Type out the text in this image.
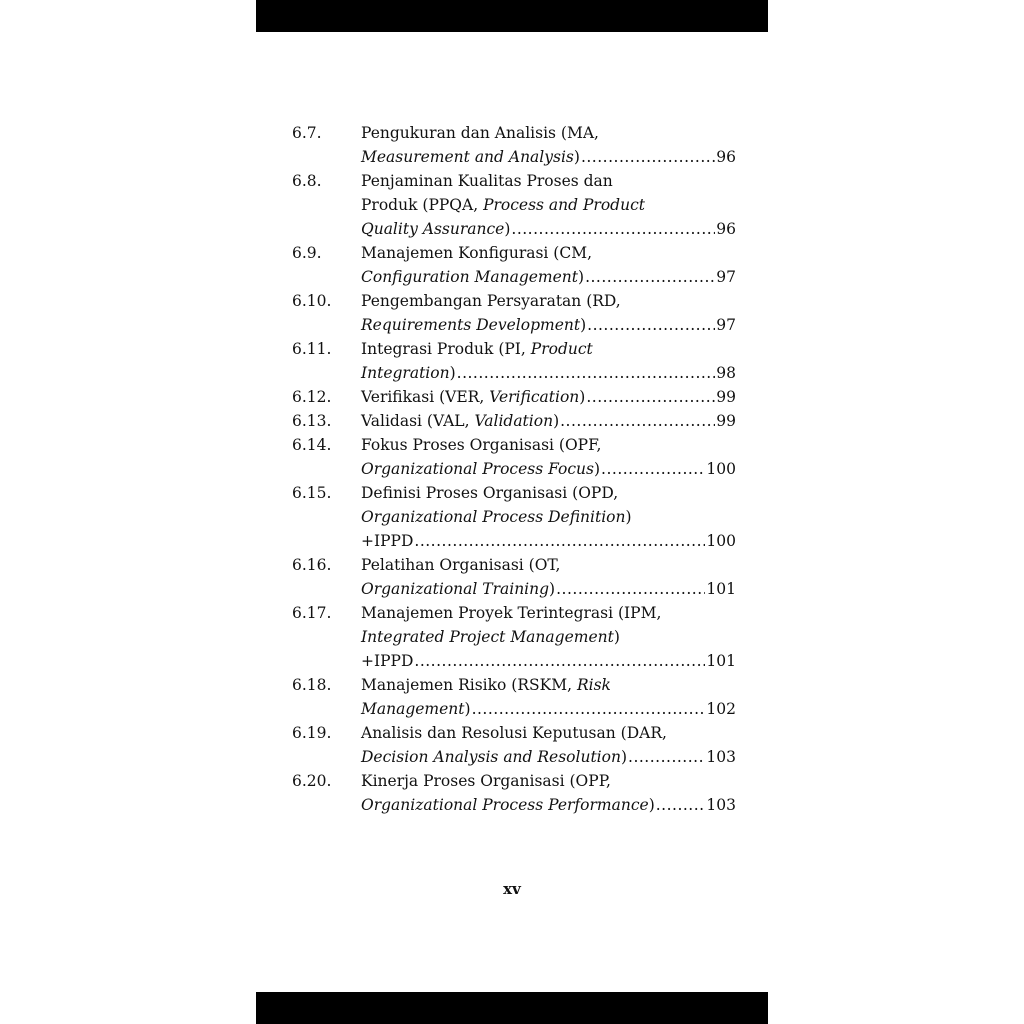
6.7.	Pengukuran dan Analisis (MA,
Measurement and Analysis) .....	96
6.8.	Penjaminan Kualitas Proses dan
Produk (PPQA, Process and Product
Quality Assurance) .....	96
6.9.	Manajemen Konfigurasi (CM,
Configuration Management) .....	97
6.10.	Pengembangan Persyaratan (RD,
Requirements Development) .....	97
6.11.	Integrasi Produk (PI, Product
Integration) .....	98
6.12.	Verifikasi (VER, Verification) .....	99
6.13.	Validasi (VAL, Validation) .....	99
6.14.	Fokus Proses Organisasi (OPF,
Organizational Process Focus) .....	100
6.15.	Definisi Proses Organisasi (OPD,
Organizational Process Definition)
+IPPD .....	100
6.16.	Pelatihan Organisasi (OT,
Organizational Training) .....	101
6.17.	Manajemen Proyek Terintegrasi (IPM,
Integrated Project Management)
+IPPD .....	101
6.18.	Manajemen Risiko (RSKM, Risk
Management) .....	102
6.19.	Analisis dan Resolusi Keputusan (DAR,
Decision Analysis and Resolution) .....	103
6.20.	Kinerja Proses Organisasi (OPP,
Organizational Process Performance) .....	103
xv
